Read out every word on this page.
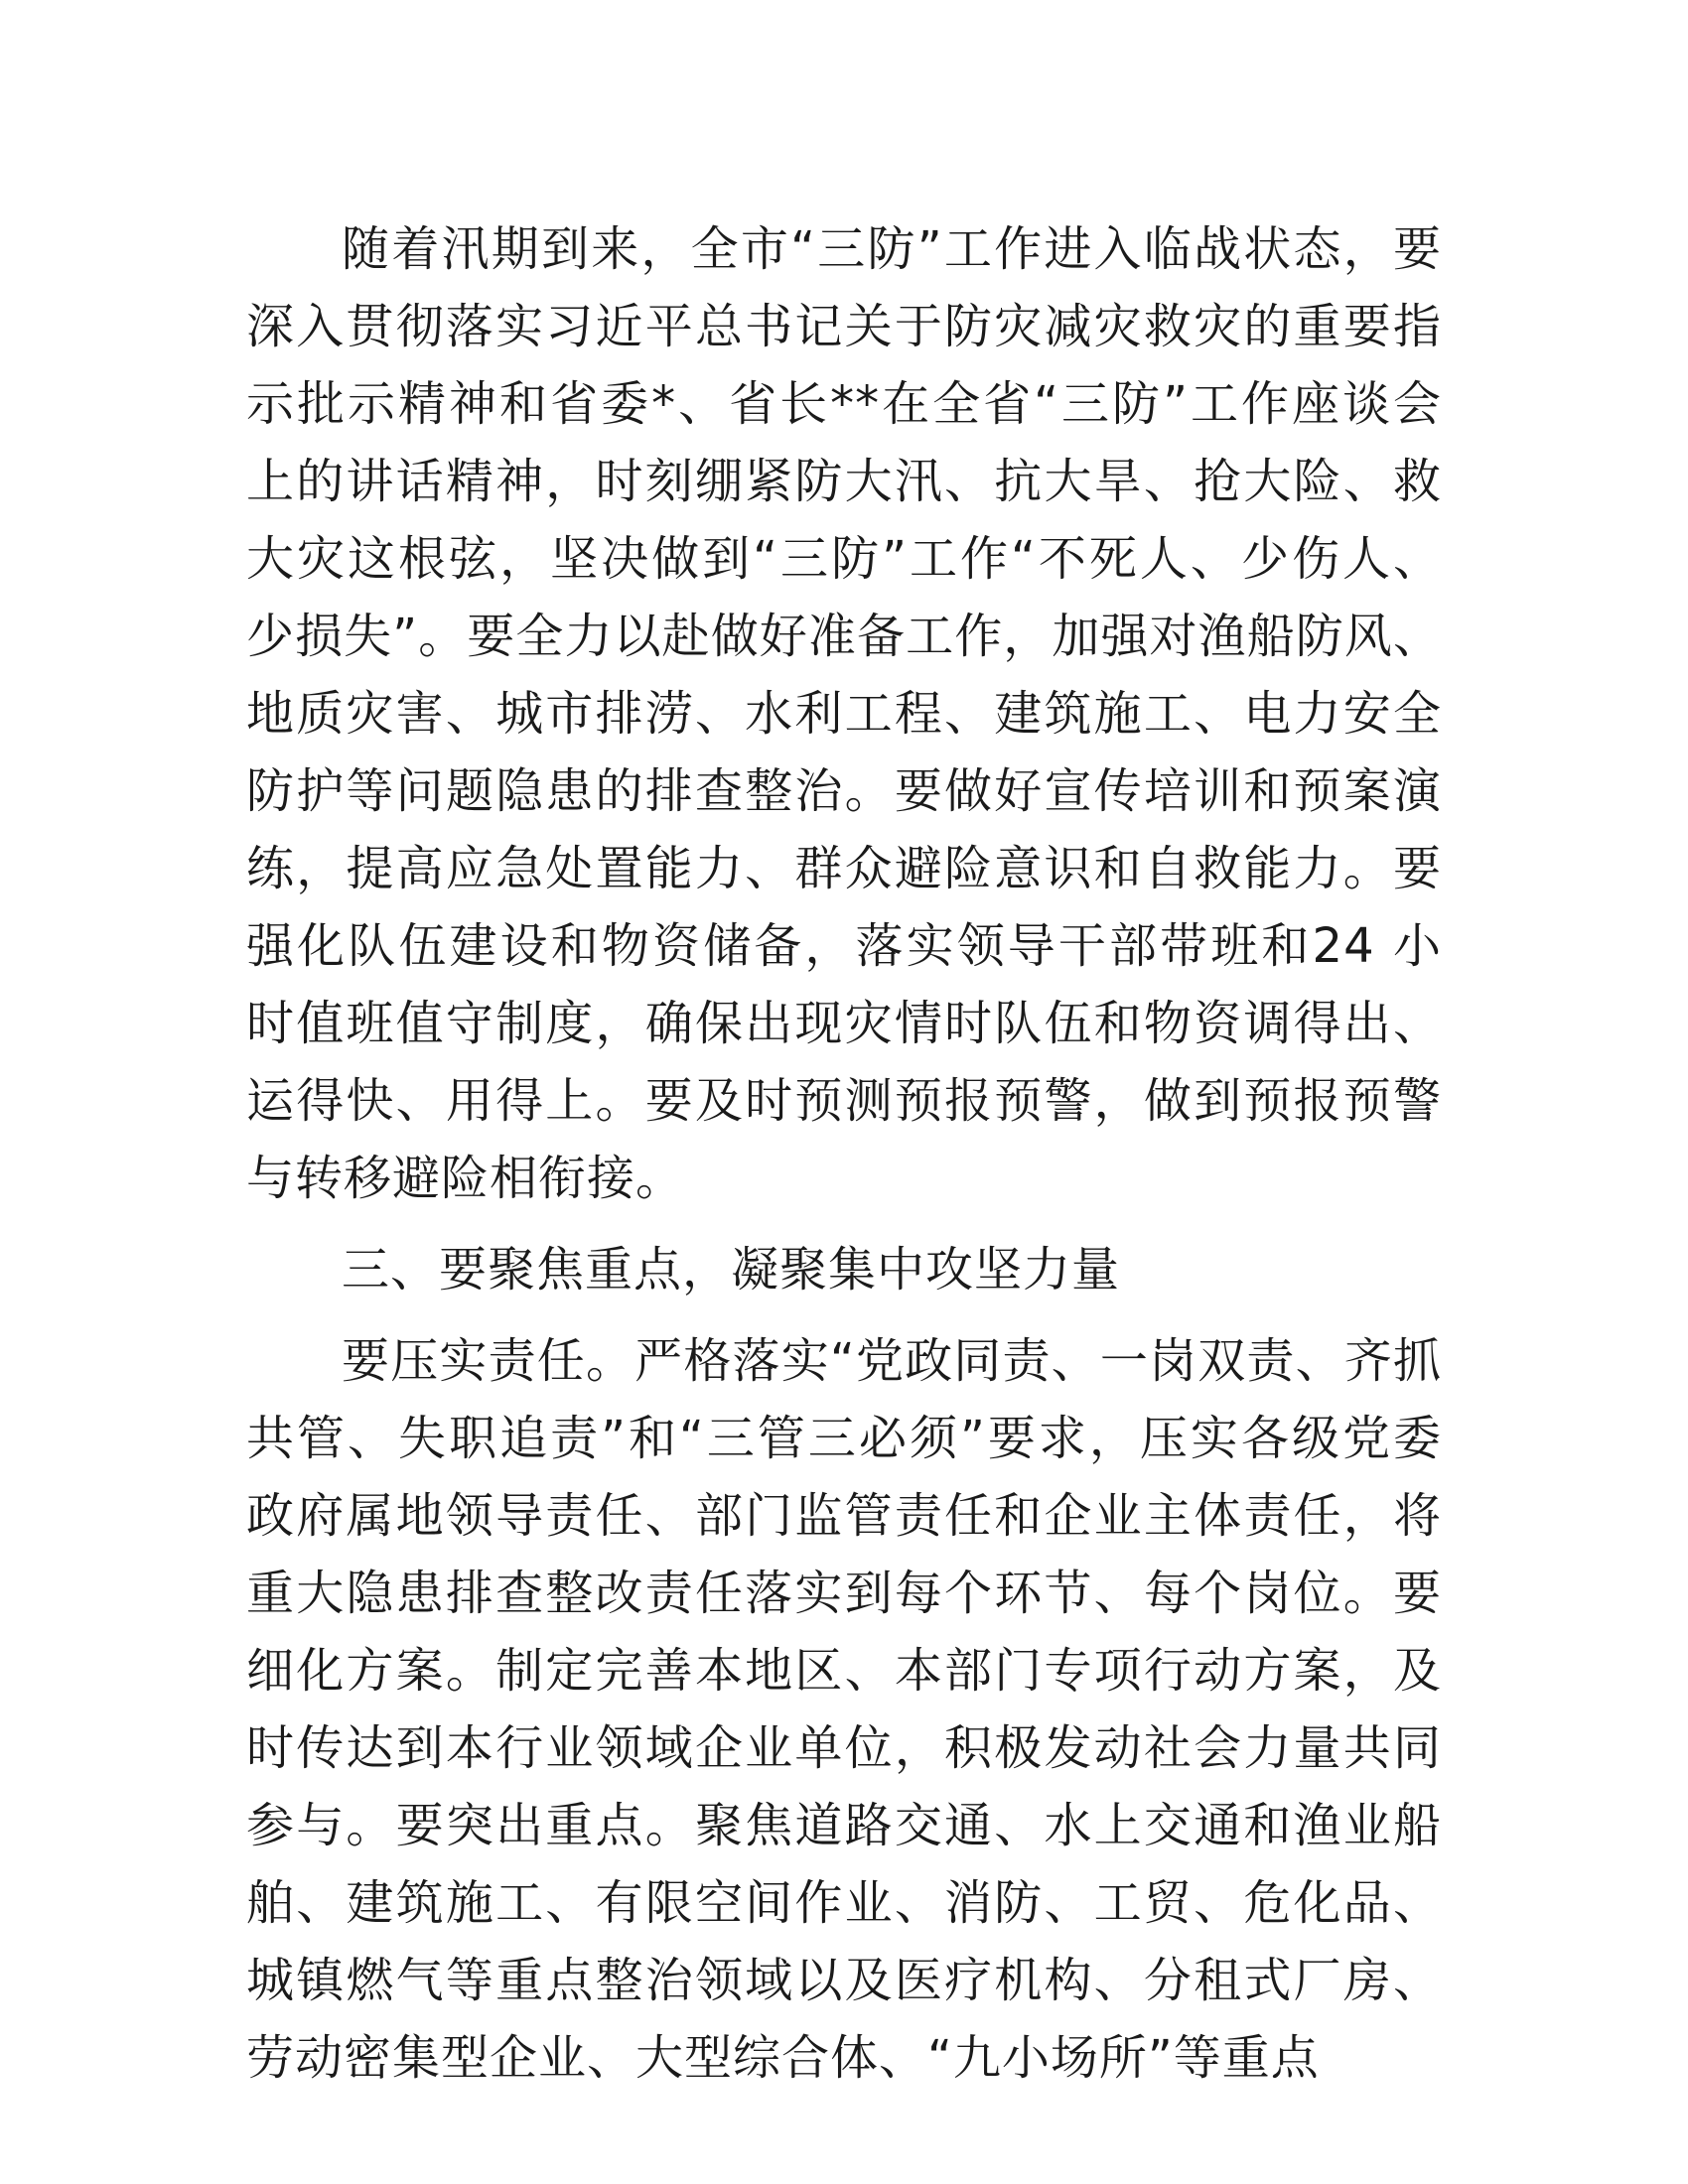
随着汛期到来，全市“三防”工作进入临战状态，要深入贯彻落实习近平总书记关于防灾减灾救灾的重要指示批示精神和省委*、省长**在全省“三防”工作座谈会上的讲话精神，时刻绷紧防大汛、抗大旱、抢大险、救大灾这根弦，坚决做到“三防”工作“不死人、少伤人、少损失”。要全力以赴做好准备工作，加强对渔船防风、地质灾害、城市排涝、水利工程、建筑施工、电力安全防护等问题隐患的排查整治。要做好宣传培训和预案演练，提高应急处置能力、群众避险意识和自救能力。要强化队伍建设和物资储备，落实领导干部带班和24 小时值班值守制度，确保出现灾情时队伍和物资调得出、运得快、用得上。要及时预测预报预警，做到预报预警与转移避险相衔接。

三、要聚焦重点，凝聚集中攻坚力量

要压实责任。严格落实“党政同责、一岗双责、齐抓共管、失职追责”和“三管三必须”要求，压实各级党委政府属地领导责任、部门监管责任和企业主体责任，将重大隐患排查整改责任落实到每个环节、每个岗位。要细化方案。制定完善本地区、本部门专项行动方案，及时传达到本行业领域企业单位，积极发动社会力量共同参与。要突出重点。聚焦道路交通、水上交通和渔业船舶、建筑施工、有限空间作业、消防、工贸、危化品、城镇燃气等重点整治领域以及医疗机构、分租式厂房、劳动密集型企业、大型综合体、“九小场所”等重点
